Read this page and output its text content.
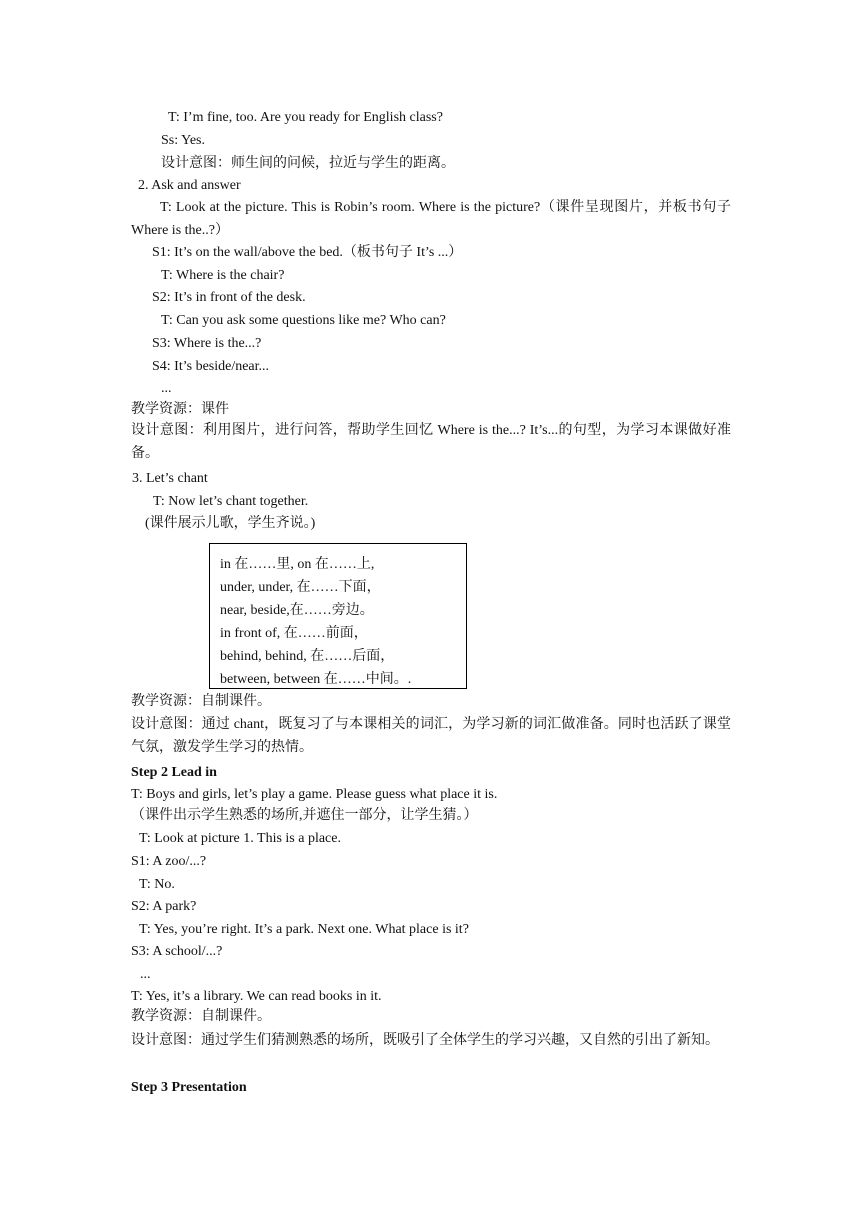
T: I’m fine, too. Are you ready for English class?
Ss: Yes.
设计意图：师生间的问候，拉近与学生的距离。
2. Ask and answer
T: Look at the picture. This is Robin’s room. Where is the picture?（课件呈现图片，并板书句子 Where is the..?）
S1: It’s on the wall/above the bed.（板书句子 It’s ...）
T: Where is the chair?
S2: It’s in front of the desk.
T: Can you ask some questions like me? Who can?
S3: Where is the...?
S4: It’s beside/near...
...
教学资源：课件
设计意图：利用图片，进行问答，帮助学生回忆 Where is the...? It’s...的句型，为学习本课做好准备。
3. Let’s chant
T: Now let’s chant together.
(课件展示儿歌，学生齐说。)
in 在……里, on 在……上,
under, under, 在……下面，
near, beside,在……旁边。
in front of, 在……前面，
behind, behind, 在……后面，
between, between 在……中间。.
教学资源：自制课件。
设计意图：通过 chant，既复习了与本课相关的词汇，为学习新的词汇做准备。同时也活跃了课堂气氛，激发学生学习的热情。
Step 2 Lead in
T: Boys and girls, let’s play a game. Please guess what place it is.
（课件出示学生熟悉的场所,并遮住一部分，让学生猜。）
T: Look at picture 1. This is a place.
S1: A zoo/...?
T: No.
S2: A park?
T: Yes, you’re right. It’s a park. Next one. What place is it?
S3: A school/...?
...
T: Yes, it’s a library. We can read books in it.
教学资源：自制课件。
设计意图：通过学生们猜测熟悉的场所，既吸引了全体学生的学习兴趣，又自然的引出了新知。
Step 3 Presentation
